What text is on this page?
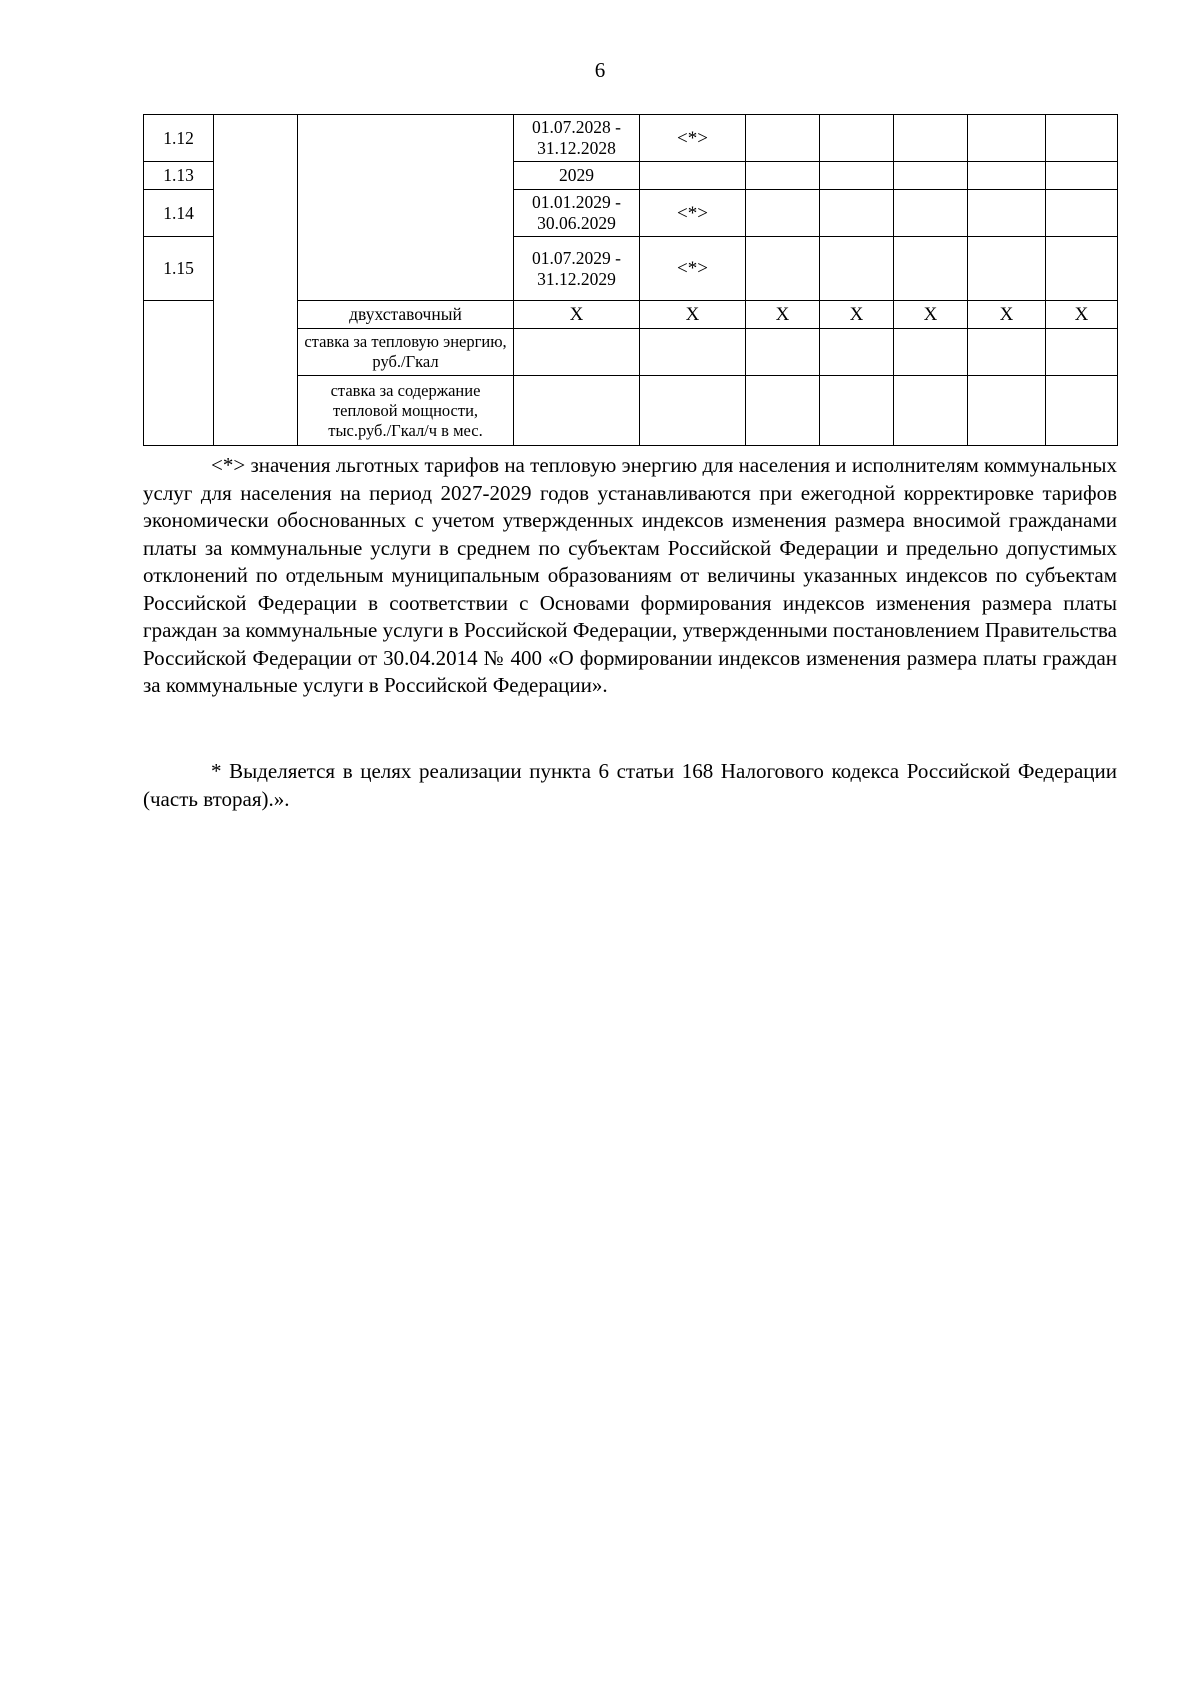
6
1.12			01.07.2028 - 31.12.2028	<*>					
1.13			2029						
1.14			01.01.2029 - 30.06.2029	<*>					
1.15			01.07.2029 - 31.12.2029	<*>					
		двухставочный	X	X	X	X	X	X	X
		ставка за тепловую энергию, руб./Гкал							
		ставка за содержание тепловой мощности, тыс.руб./Гкал/ч в мес.							

<*> значения льготных тарифов на тепловую энергию для населения и исполнителям коммунальных услуг для населения на период 2027-2029 годов устанавливаются при ежегодной корректировке тарифов экономически обоснованных с учетом утвержденных индексов изменения размера вносимой гражданами платы за коммунальные услуги в среднем по субъектам Российской Федерации и предельно допустимых отклонений по отдельным муниципальным образованиям от величины указанных индексов по субъектам Российской Федерации в соответствии с Основами формирования индексов изменения размера платы граждан за коммунальные услуги в Российской Федерации, утвержденными постановлением Правительства Российской Федерации от 30.04.2014 № 400 «О формировании индексов изменения размера платы граждан за коммунальные услуги в Российской Федерации».

* Выделяется в целях реализации пункта 6 статьи 168 Налогового кодекса Российской Федерации (часть вторая).».
